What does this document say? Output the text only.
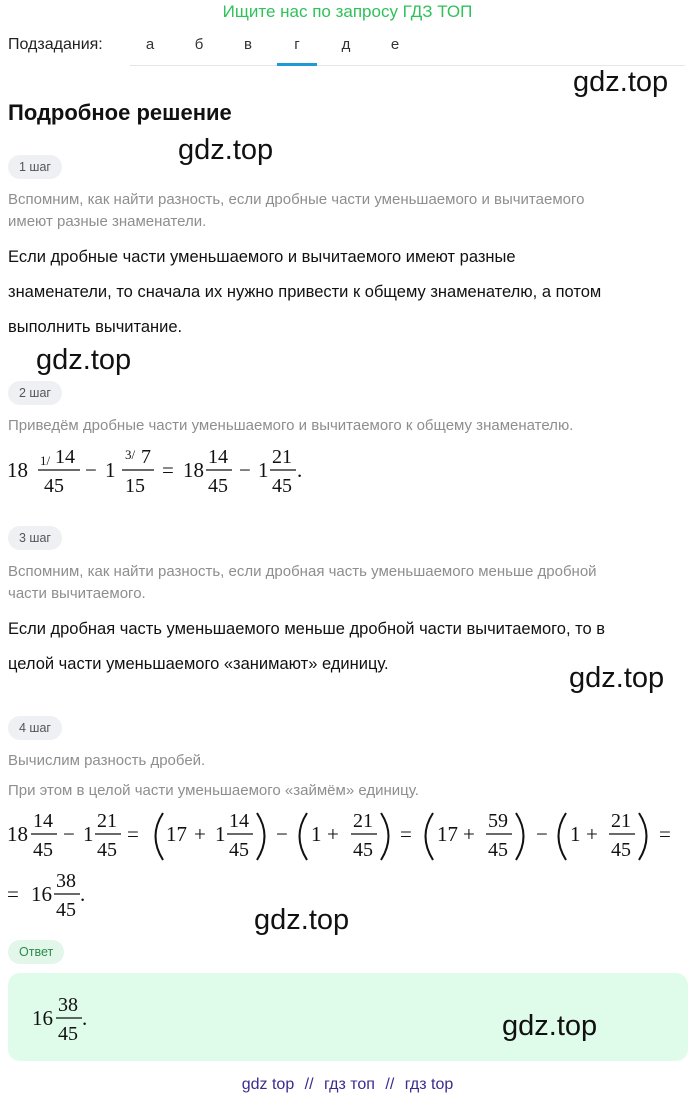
Ищите нас по запросу ГДЗ ТОП
Подзадания:	а	б	в	г	д	е
gdz.top
Подробное решение
gdz.top
1 шаг
Вспомним, как найти разность, если дробные части уменьшаемого и вычитаемого
имеют разные знаменатели.
Если дробные части уменьшаемого и вычитаемого имеют разные
знаменатели, то сначала их нужно привести к общему знаменателю, а потом
выполнить вычитание.
gdz.top
2 шаг
Приведём дробные части уменьшаемого и вычитаемого к общему знаменателю.
18 1/ 14
45
− 1
3/ 7
15
= 18
14
45
− 1
21
45
.
3 шаг
Вспомним, как найти разность, если дробная часть уменьшаемого меньше дробной
части вычитаемого.
Если дробная часть уменьшаемого меньше дробной части вычитаемого, то в
целой части уменьшаемого «занимают» единицу.	gdz.top
4 шаг
Вычислим разность дробей.
При этом в целой части уменьшаемого «займём» единицу.
18
14
45
− 1
21
45
= 17 + 1
14
45
− 1 +
21
45
= 17 +
59
45
− 1 +
21
45
=
= 16
38
45
.
gdz.top
Ответ
16
38
45
.	gdz.top
gdz top // гдз топ // гдз top
